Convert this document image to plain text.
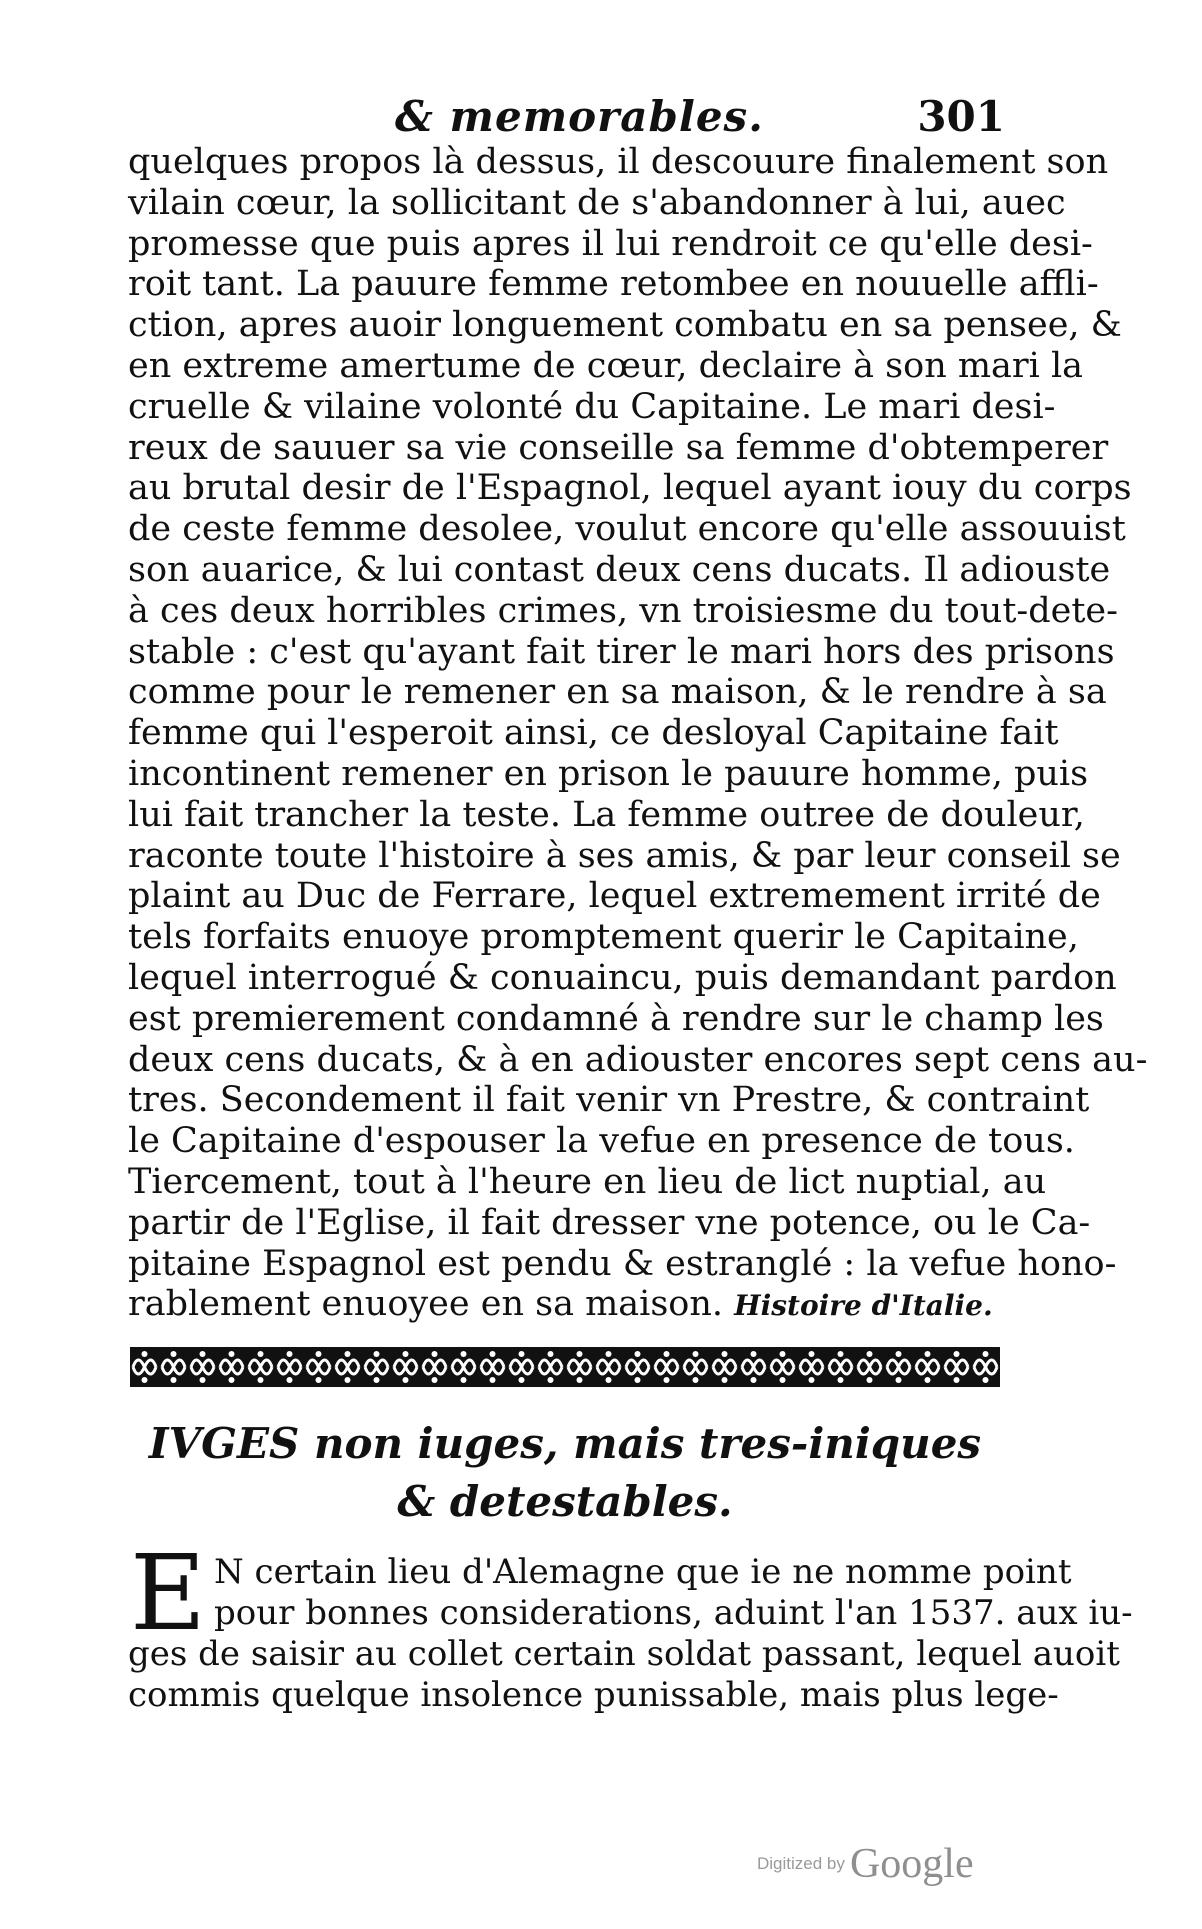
& memorables.	301
quelques propos là dessus, il descouure finalement son
vilain cœur, la sollicitant de s'abandonner à lui, auec
promesse que puis apres il lui rendroit ce qu'elle desi-
roit tant. La pauure femme retombee en nouuelle affli-
ction, apres auoir longuement combatu en sa pensee, &
en extreme amertume de cœur, declaire à son mari la
cruelle & vilaine volonté du Capitaine. Le mari desi-
reux de sauuer sa vie conseille sa femme d'obtemperer
au brutal desir de l'Espagnol, lequel ayant iouy du corps
de ceste femme desolee, voulut encore qu'elle assouuist
son auarice, & lui contast deux cens ducats. Il adiouste
à ces deux horribles crimes, vn troisiesme du tout-dete-
stable : c'est qu'ayant fait tirer le mari hors des prisons
comme pour le remener en sa maison, & le rendre à sa
femme qui l'esperoit ainsi, ce desloyal Capitaine fait
incontinent remener en prison le pauure homme, puis
lui fait trancher la teste. La femme outree de douleur,
raconte toute l'histoire à ses amis, & par leur conseil se
plaint au Duc de Ferrare, lequel extremement irrité de
tels forfaits enuoye promptement querir le Capitaine,
lequel interrogué & conuaincu, puis demandant pardon
est premierement condamné à rendre sur le champ les
deux cens ducats, & à en adiouster encores sept cens au-
tres. Secondement il fait venir vn Prestre, & contraint
le Capitaine d'espouser la vefue en presence de tous.
Tiercement, tout à l'heure en lieu de lict nuptial, au
partir de l'Eglise, il fait dresser vne potence, ou le Ca-
pitaine Espagnol est pendu & estranglé : la vefue hono-
rablement enuoyee en sa maison. Histoire d'Italie.
IVGES non iuges, mais tres-iniques
& detestables.
E N certain lieu d'Alemagne que ie ne nomme point
pour bonnes considerations, aduint l'an 1537. aux iu-
ges de saisir au collet certain soldat passant, lequel auoit
commis quelque insolence punissable, mais plus lege-
Digitized by Google
